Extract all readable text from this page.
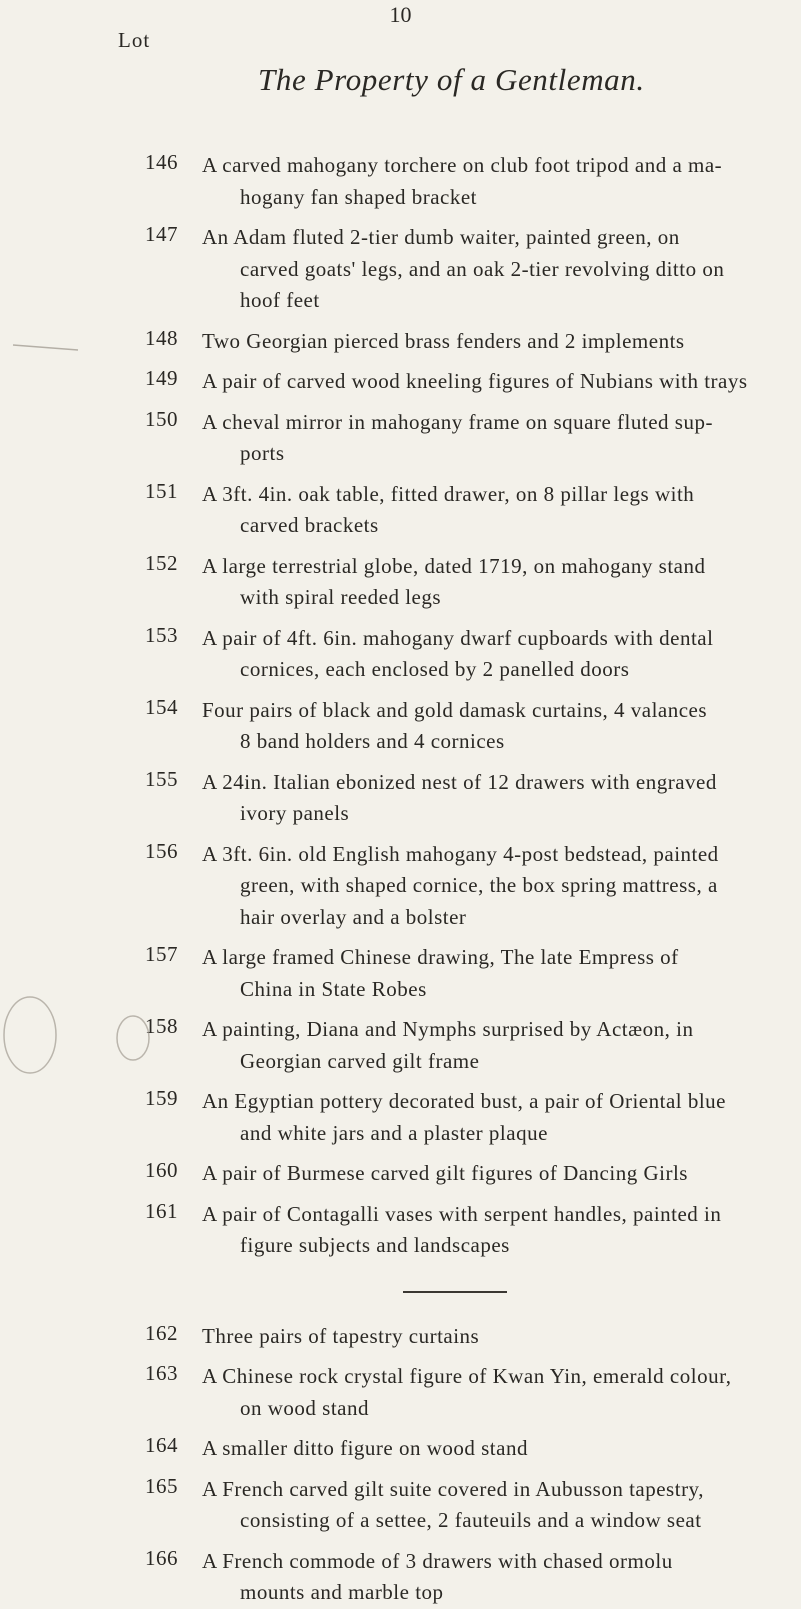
10
Lot
The Property of a Gentleman.
146	A carved mahogany torchere on club foot tripod and a ma-
hogany fan shaped bracket
147	An Adam fluted 2-tier dumb waiter, painted green, on
carved goats' legs, and an oak 2-tier revolving ditto on
hoof feet
148	Two Georgian pierced brass fenders and 2 implements
149	A pair of carved wood kneeling figures of Nubians with trays
150	A cheval mirror in mahogany frame on square fluted sup-
ports
151	A 3ft. 4in. oak table, fitted drawer, on 8 pillar legs with
carved brackets
152	A large terrestrial globe, dated 1719, on mahogany stand
with spiral reeded legs
153	A pair of 4ft. 6in. mahogany dwarf cupboards with dental
cornices, each enclosed by 2 panelled doors
154	Four pairs of black and gold damask curtains, 4 valances
8 band holders and 4 cornices
155	A 24in. Italian ebonized nest of 12 drawers with engraved
ivory panels
156	A 3ft. 6in. old English mahogany 4-post bedstead, painted
green, with shaped cornice, the box spring mattress, a
hair overlay and a bolster
157	A large framed Chinese drawing, The late Empress of
China in State Robes
158	A painting, Diana and Nymphs surprised by Actæon, in
Georgian carved gilt frame
159	An Egyptian pottery decorated bust, a pair of Oriental blue
and white jars and a plaster plaque
160	A pair of Burmese carved gilt figures of Dancing Girls
161	A pair of Contagalli vases with serpent handles, painted in
figure subjects and landscapes
162	Three pairs of tapestry curtains
163	A Chinese rock crystal figure of Kwan Yin, emerald colour,
on wood stand
164	A smaller ditto figure on wood stand
165	A French carved gilt suite covered in Aubusson tapestry,
consisting of a settee, 2 fauteuils and a window seat
166	A French commode of 3 drawers with chased ormolu
mounts and marble top
